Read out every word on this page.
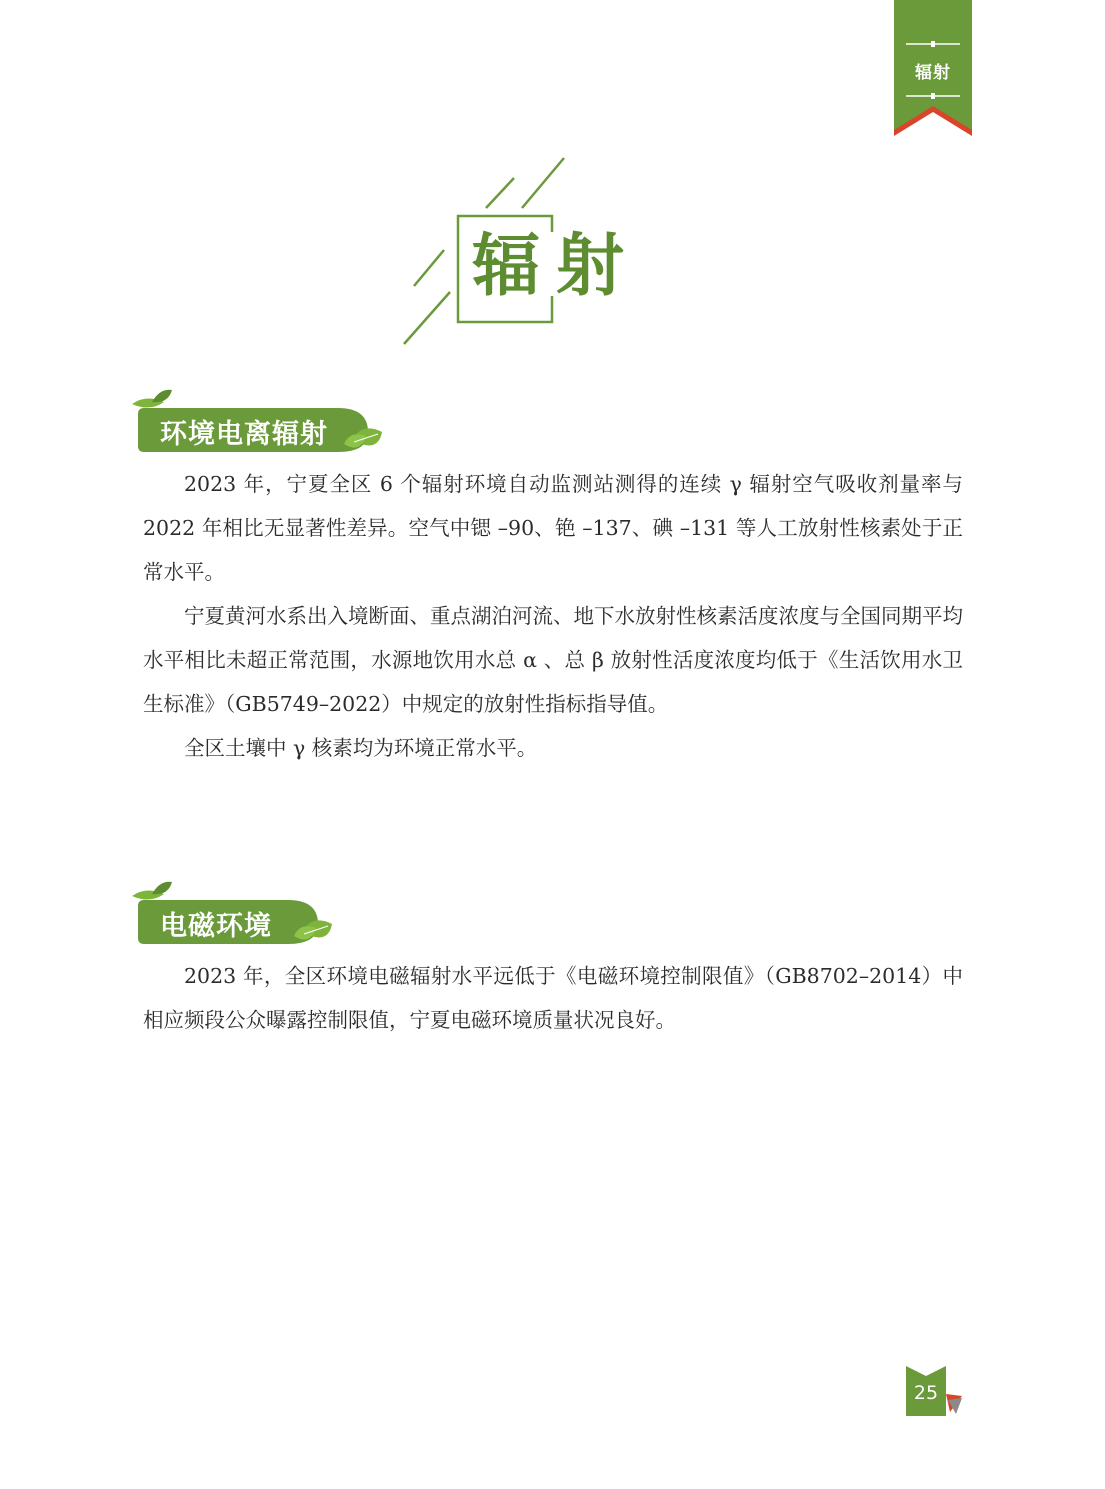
辐射
辐射
环境电离辐射

2023 年，宁夏全区 6 个辐射环境自动监测站测得的连续 γ 辐射空气吸收剂量率与 2022 年相比无显著性差异。空气中锶 –90、铯 –137、碘 –131 等人工放射性核素处于正常水平。

宁夏黄河水系出入境断面、重点湖泊河流、地下水放射性核素活度浓度与全国同期平均水平相比未超正常范围，水源地饮用水总 α 、总 β 放射性活度浓度均低于《生活饮用水卫生标准》（GB5749–2022）中规定的放射性指标指导值。

全区土壤中 γ 核素均为环境正常水平。

电磁环境

2023 年，全区环境电磁辐射水平远低于《电磁环境控制限值》（GB8702–2014）中相应频段公众曝露控制限值，宁夏电磁环境质量状况良好。

25
